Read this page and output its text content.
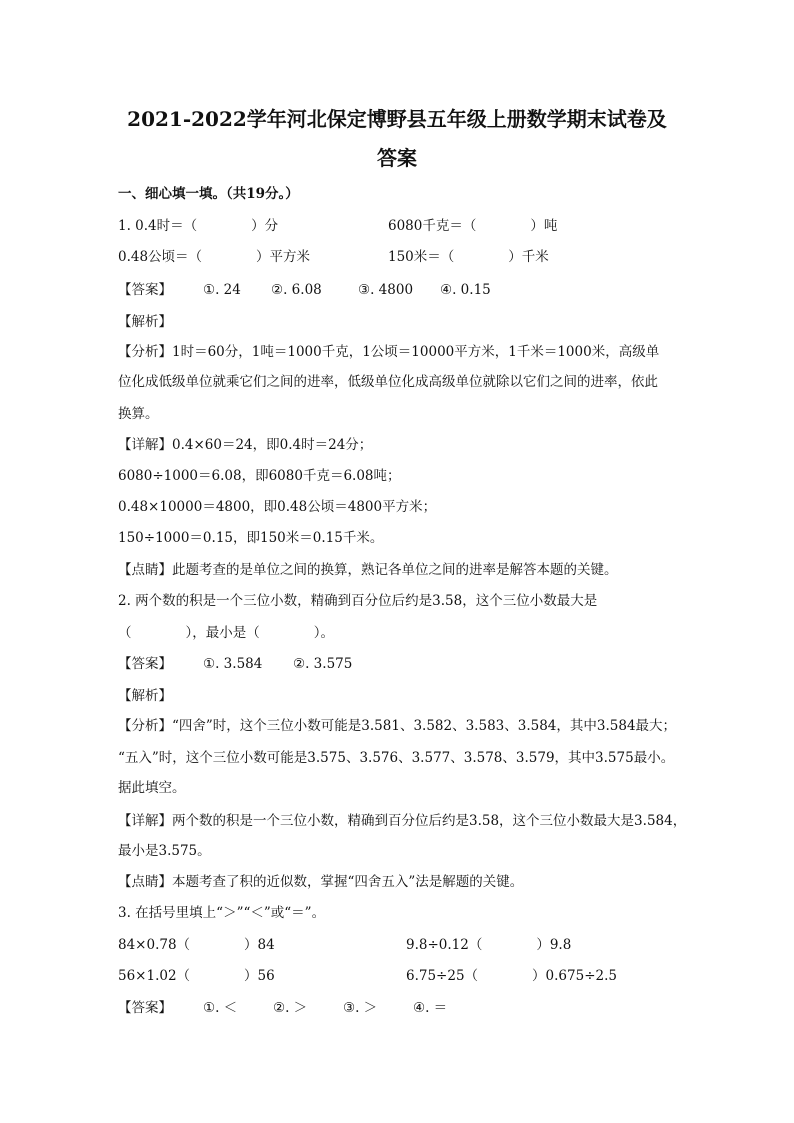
2021-2022学年河北保定博野县五年级上册数学期末试卷及
答案
一、细心填一填。（共19分。）
1. 0.4时＝（　　　　）分	6080千克＝（　　　　）吨
0.48公顷＝（　　　　）平方米	150米＝（　　　　）千米
【答案】 ①. 24 ②. 6.08	③. 4800 ④. 0.15
【解析】
【分析】1时＝60分，1吨＝1000千克，1公顷＝10000平方米，1千米＝1000米，高级单
位化成低级单位就乘它们之间的进率，低级单位化成高级单位就除以它们之间的进率，依此
换算。
【详解】0.4×60＝24，即0.4时＝24分；
6080÷1000＝6.08，即6080千克＝6.08吨；
0.48×10000＝4800，即0.48公顷＝4800平方米；
150÷1000＝0.15，即150米＝0.15千米。
【点睛】此题考查的是单位之间的换算，熟记各单位之间的进率是解答本题的关键。
2. 两个数的积是一个三位小数，精确到百分位后约是3.58，这个三位小数最大是
（　　　　），最小是（　　　　）。
【答案】 ①. 3.584 ②. 3.575
【解析】
【分析】“四舍”时，这个三位小数可能是3.581、3.582、3.583、3.584，其中3.584最大；
“五入”时，这个三位小数可能是3.575、3.576、3.577、3.578、3.579，其中3.575最小。
据此填空。
【详解】两个数的积是一个三位小数，精确到百分位后约是3.58，这个三位小数最大是3.584，
最小是3.575。
【点睛】本题考查了积的近似数，掌握“四舍五入”法是解题的关键。
3. 在括号里填上“＞”“＜”或“＝”。
84×0.78（　　　　）84	9.8÷0.12（　　　　）9.8
56×1.02（　　　　）56	6.75÷25（　　　　）0.675÷2.5
【答案】 ①. ＜	②. ＞	③. ＞	④. ＝
